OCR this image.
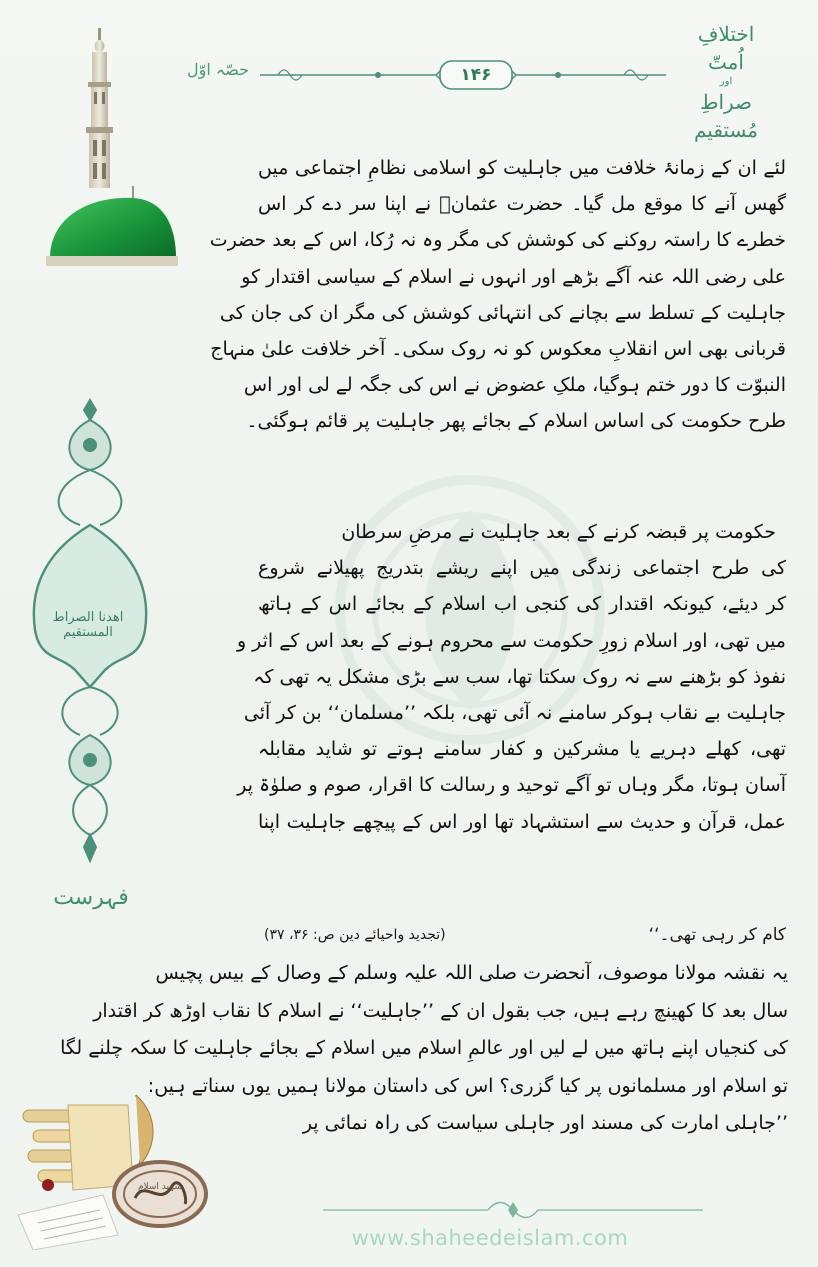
اختلافِ اُمتّ
اور
صراطِ مُستقیم
حصّہ اوّل	۱۴۶
اھدنا الصراط المستقیم
فہرست
لئے ان کے زمانۂ خلافت میں جاہلیت کو اسلامی نظامِ اجتماعی میں
گھس آنے کا موقع مل گیا۔ حضرت عثمانؓ نے اپنا سر دے کر اس
خطرے کا راستہ روکنے کی کوشش کی مگر وہ نہ رُکا، اس کے بعد حضرت
علی رضی اللہ عنہ آگے بڑھے اور انہوں نے اسلام کے سیاسی اقتدار کو
جاہلیت کے تسلط سے بچانے کی انتہائی کوشش کی مگر ان کی جان کی
قربانی بھی اس انقلابِ معکوس کو نہ روک سکی۔ آخر خلافت علیٰ منہاج
النبوّت کا دور ختم ہوگیا، ملکِ عضوض نے اس کی جگہ لے لی اور اس
طرح حکومت کی اساس اسلام کے بجائے پھر جاہلیت پر قائم ہوگئی۔
حکومت پر قبضہ کرنے کے بعد جاہلیت نے مرضِ سرطان
کی طرح اجتماعی زندگی میں اپنے ریشے بتدریج پھیلانے شروع
کر دیئے، کیونکہ اقتدار کی کنجی اب اسلام کے بجائے اس کے ہاتھ
میں تھی، اور اسلام زورِ حکومت سے محروم ہونے کے بعد اس کے اثر و
نفوذ کو بڑھنے سے نہ روک سکتا تھا، سب سے بڑی مشکل یہ تھی کہ
جاہلیت بے نقاب ہوکر سامنے نہ آئی تھی، بلکہ ’’مسلمان‘‘ بن کر آئی
تھی، کھلے دہریے یا مشرکین و کفار سامنے ہوتے تو شاید مقابلہ
آسان ہوتا، مگر وہاں تو آگے توحید و رسالت کا اقرار، صوم و صلوٰۃ پر
عمل، قرآن و حدیث سے استشہاد تھا اور اس کے پیچھے جاہلیت اپنا
کام کر رہی تھی۔‘‘
(تجدید واحیائے دین ص: ۳۶، ۳۷)
یہ نقشہ مولانا موصوف، آنحضرت صلی اللہ علیہ وسلم کے وصال کے بیس پچیس
سال بعد کا کھینچ رہے ہیں، جب بقول ان کے ’’جاہلیت‘‘ نے اسلام کا نقاب اوڑھ کر اقتدار
کی کنجیاں اپنے ہاتھ میں لے لیں اور عالمِ اسلام میں اسلام کے بجائے جاہلیت کا سکہ چلنے لگا
تو اسلام اور مسلمانوں پر کیا گزری؟ اس کی داستان مولانا ہمیں یوں سناتے ہیں:
’’جاہلی امارت کی مسند اور جاہلی سیاست کی راہ نمائی پر
شہید اسلام
www.shaheedeislam.com
